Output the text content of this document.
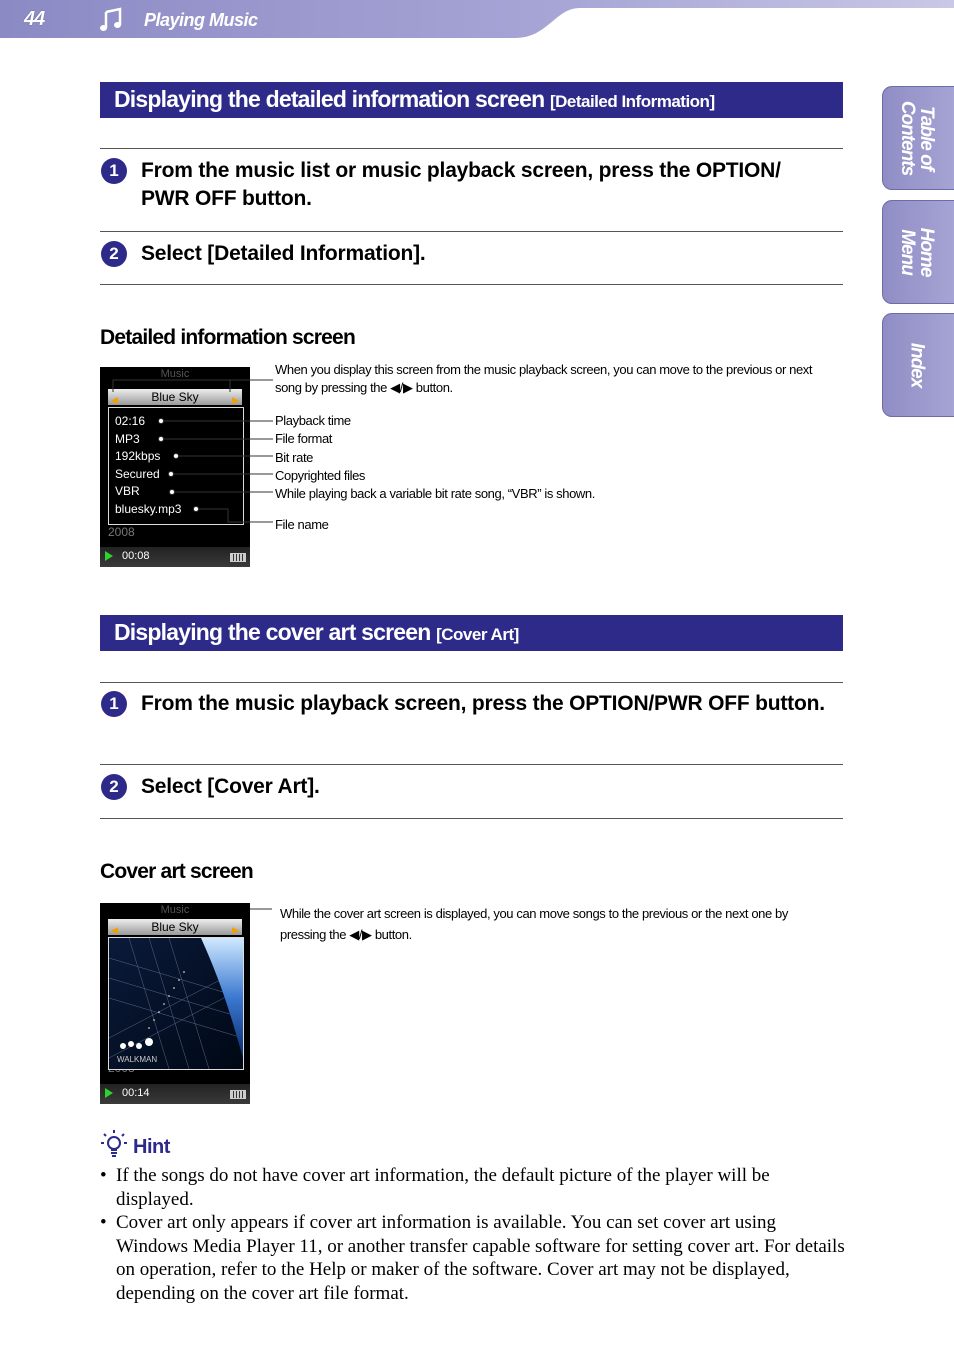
44	Playing Music
Table of
Contents
Home
Menu
Index
Displaying the detailed information screen [Detailed Information]
1	From the music list or music playback screen, press the OPTION/ PWR OFF button.
2	Select [Detailed Information].
Detailed information screen
Music
◀	Blue Sky	▶
02:16
MP3
192kbps
Secured
VBR
bluesky.mp3
2008
00:08
When you display this screen from the music playback screen, you can move to the previous or next song by pressing the ◀/▶ button.
Playback time
File format
Bit rate
Copyrighted files
While playing back a variable bit rate song, “VBR” is shown.
File name
Displaying the cover art screen [Cover Art]
1	From the music playback screen, press the OPTION/PWR OFF button.
2	Select [Cover Art].
Cover art screen
Music
◀	Blue Sky	▶
WALKMAN
00:14
While the cover art screen is displayed, you can move songs to the previous or the next one by pressing the ◀/▶ button.
Hint
• If the songs do not have cover art information, the default picture of the player will be displayed.
• Cover art only appears if cover art information is available. You can set cover art using Windows Media Player 11, or another transfer capable software for setting cover art. For details on operation, refer to the Help or maker of the software. Cover art may not be displayed, depending on the cover art file format.
